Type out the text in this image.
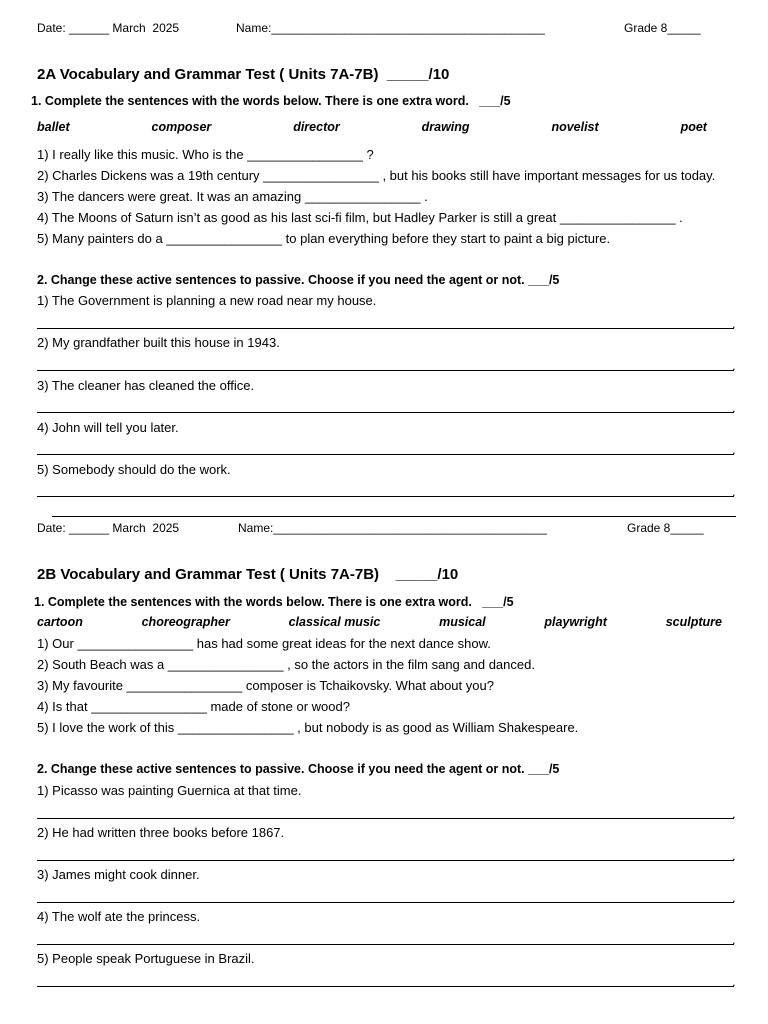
Date: ______ March  2025	Name:_________________________________________	Grade 8_____
2A Vocabulary and Grammar Test ( Units 7A-7B)  _____/10
1. Complete the sentences with the words below. There is one extra word.   ___/5
ballet	composer	director	drawing	novelist	poet
1) I really like this music. Who is the ________________ ?
2) Charles Dickens was a 19th century ________________ , but his books still have important messages for us today.
3) The dancers were great. It was an amazing ________________ .
4) The Moons of Saturn isn’t as good as his last sci-fi film, but Hadley Parker is still a great ________________ .
5) Many painters do a ________________ to plan everything before they start to paint a big picture.
2. Change these active sentences to passive. Choose if you need the agent or not. ___/5
1) The Government is planning a new road near my house.
.
2) My grandfather built this house in 1943.
.
3) The cleaner has cleaned the office.
.
4) John will tell you later.
.
5) Somebody should do the work.
.
Date: ______ March  2025	Name:_________________________________________	Grade 8_____
2B Vocabulary and Grammar Test ( Units 7A-7B)    _____/10
1. Complete the sentences with the words below. There is one extra word.   ___/5
cartoon	choreographer	classical music	musical	playwright	sculpture
1) Our ________________ has had some great ideas for the next dance show.
2) South Beach was a ________________ , so the actors in the film sang and danced.
3) My favourite ________________ composer is Tchaikovsky. What about you?
4) Is that ________________ made of stone or wood?
5) I love the work of this ________________ , but nobody is as good as William Shakespeare.
2. Change these active sentences to passive. Choose if you need the agent or not. ___/5
1) Picasso was painting Guernica at that time.
.
2) He had written three books before 1867.
.
3) James might cook dinner.
.
4) The wolf ate the princess.
.
5) People speak Portuguese in Brazil.
.
